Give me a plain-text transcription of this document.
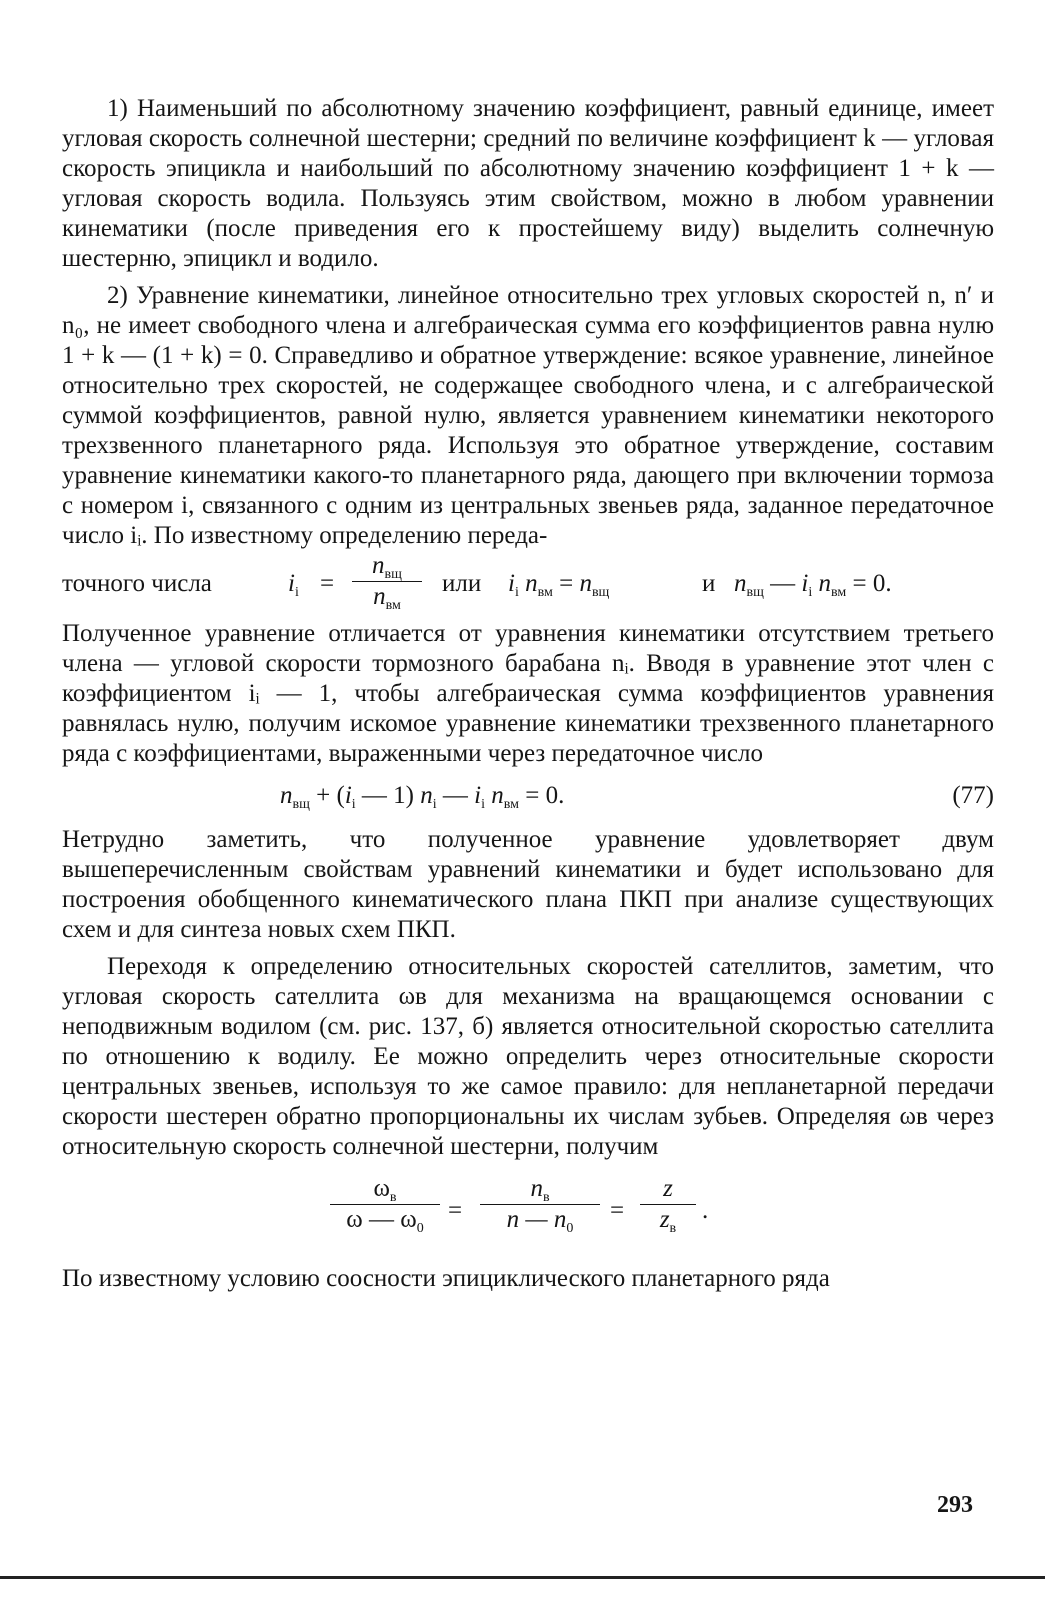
1) Наименьший по абсолютному значению коэффициент, равный единице, имеет угловая скорость солнечной шестерни; средний по величине коэффициент k — угловая скорость эпицикла и наибольший по абсолютному значению коэффициент 1 + k — угловая скорость водила. Пользуясь этим свойством, можно в любом уравнении кинематики (после приведения его к простейшему виду) выделить солнечную шестерню, эпицикл и водило.

2) Уравнение кинематики, линейное относительно трех угловых скоростей n, n′ и n₀, не имеет свободного члена и алгебраическая сумма его коэффициентов равна нулю 1 + k — (1 + k) = 0. Справедливо и обратное утверждение: всякое уравнение, линейное относительно трех скоростей, не содержащее свободного члена, и с алгебраической суммой коэффициентов, равной нулю, является уравнением кинематики некоторого трехзвенного планетарного ряда. Используя это обратное утверждение, составим уравнение кинематики какого-то планетарного ряда, дающего при включении тормоза с номером i, связанного с одним из центральных звеньев ряда, заданное передаточное число iᵢ. По известному определению переда-

точного числа	$i_i$ =
$n_{вщ}$
$n_{вм}$
или $i_i$ $n_{вм} = n_{вщ}$	и $n_{вщ}$ — $i_i$ $n_{вм} = 0$.

Полученное уравнение отличается от уравнения кинематики отсутствием третьего члена — угловой скорости тормозного барабана nᵢ. Вводя в уравнение этот член с коэффициентом iᵢ — 1, чтобы алгебраическая сумма коэффициентов уравнения равнялась нулю, получим искомое уравнение кинематики трехзвенного планетарного ряда с коэффициентами, выраженными через передаточное число

$n_{вщ} + (i_i$ — 1) $n_i$ — $i_i$ $n_{вм} = 0$.	(77)

Нетрудно заметить, что полученное уравнение удовлетворяет двум вышеперечисленным свойствам уравнений кинематики и будет использовано для построения обобщенного кинематического плана ПКП при анализе существующих схем и для синтеза новых схем ПКП.

Переходя к определению относительных скоростей сателлитов, заметим, что угловая скорость сателлита ωв для механизма на вращающемся основании с неподвижным водилом (см. рис. 137, б) является относительной скоростью сателлита по отношению к водилу. Ее можно определить через относительные скорости центральных звеньев, используя то же самое правило: для непланетарной передачи скорости шестерен обратно пропорциональны их числам зубьев. Определяя ωв через относительную скорость солнечной шестерни, получим

$\omega_в$
ω — $\omega_0$
=
$n_в$
n — $n_0$
=
z
$z_в$
.

По известному условию соосности эпициклического планетарного ряда

293
